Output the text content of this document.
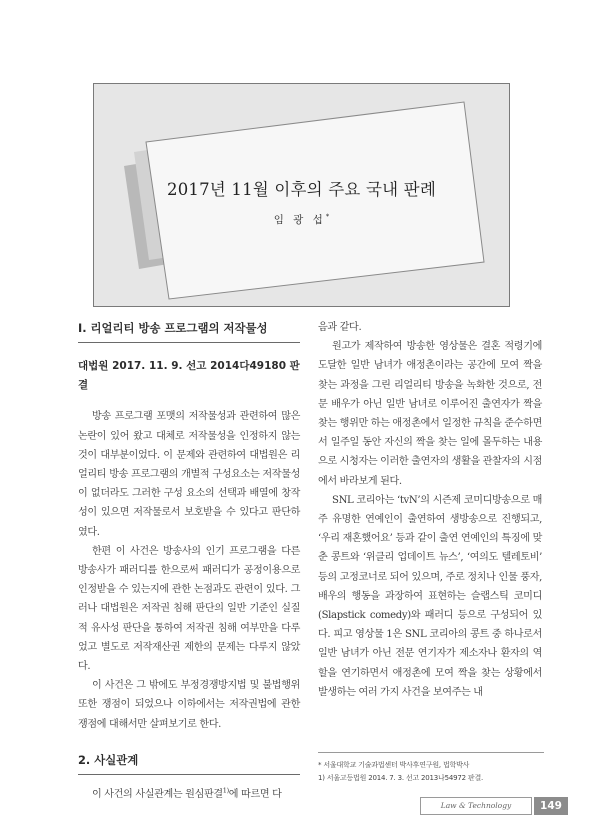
2017년 11월 이후의 주요 국내 판례
임 광 섭*
I. 리얼리티 방송 프로그램의 저작물성
대법원 2017. 11. 9. 선고 2014다49180 판결
방송 프로그램 포맷의 저작물성과 관련하여 많은 논란이 있어 왔고 대체로 저작물성을 인정하지 않는 것이 대부분이었다. 이 문제와 관련하여 대법원은 리얼리티 방송 프로그램의 개별적 구성요소는 저작물성이 없더라도 그러한 구성 요소의 선택과 배열에 창작성이 있으면 저작물로서 보호받을 수 있다고 판단하였다.
한편 이 사건은 방송사의 인기 프로그램을 다른 방송사가 패러디를 한으로써 패러디가 공정이용으로 인정받을 수 있는지에 관한 논점과도 관련이 있다. 그러나 대법원은 저작권 침해 판단의 일반 기준인 실질적 유사성 판단을 통하여 저작권 침해 여부만을 다루었고 별도로 저작재산권 제한의 문제는 다루지 않았다.
이 사건은 그 밖에도 부정경쟁방지법 및 불법행위 또한 쟁점이 되었으나 이하에서는 저작권법에 관한 쟁점에 대해서만 살펴보기로 한다.
2. 사실관계
이 사건의 사실관계는 원심판결$^{1)}$에 따르면 다
음과 같다.
원고가 제작하여 방송한 영상물은 결혼 적령기에 도달한 일반 남녀가 애정촌이라는 공간에 모여 짝을 찾는 과정을 그린 리얼리티 방송을 녹화한 것으로, 전문 배우가 아닌 일반 남녀로 이루어진 출연자가 짝을 찾는 행위만 하는 애정촌에서 일정한 규칙을 준수하면서 일주일 동안 자신의 짝을 찾는 일에 몰두하는 내용으로 시청자는 이러한 출연자의 생활을 관찰자의 시점에서 바라보게 된다.
SNL 코리아는 ‘tvN’의 시즌제 코미디방송으로 매주 유명한 연예인이 출연하여 생방송으로 진행되고, ‘우리 재혼했어요’ 등과 같이 출연 연예인의 특징에 맞춘 콩트와 ‘위클리 업데이트 뉴스’, ‘여의도 텔레토비’ 등의 고정코너로 되어 있으며, 주로 정치나 인물 풍자, 배우의 행동을 과장하여 표현하는 슬랩스틱 코미디(Slapstick comedy)와 패러디 등으로 구성되어 있다. 피고 영상물 1은 SNL 코리아의 콩트 중 하나로서 일반 남녀가 아닌 전문 연기자가 제소자나 환자의 역할을 연기하면서 애정촌에 모여 짝을 찾는 상황에서 발생하는 여러 가지 사건을 보여주는 내
* 서울대학교 기술과법센터 박사후연구원, 법학박사
1) 서울고등법원 2014. 7. 3. 선고 2013나54972 판결.
Law & Technology	149
